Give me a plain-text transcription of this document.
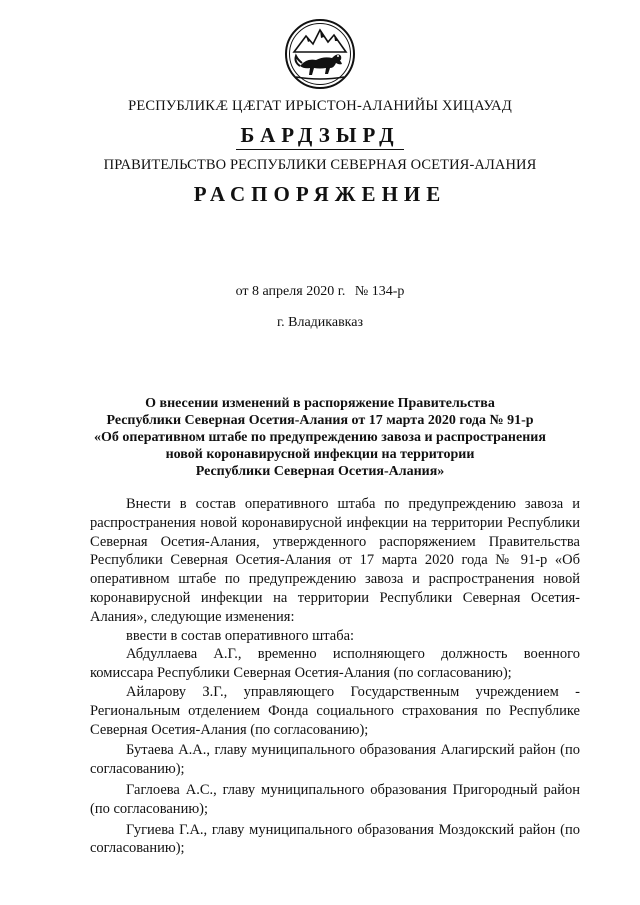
РЕСПУБЛИКӔ ЦӔГАТ ИРЫСТОН-АЛАНИЙЫ ХИЦАУАД
БАРДЗЫРД
ПРАВИТЕЛЬСТВО РЕСПУБЛИКИ СЕВЕРНАЯ ОСЕТИЯ-АЛАНИЯ
РАСПОРЯЖЕНИЕ
от 8 апреля 2020 г. № 134-р
г. Владикавказ
О внесении изменений в распоряжение Правительства
Республики Северная Осетия-Алания от 17 марта 2020 года № 91-р
«Об оперативном штабе по предупреждению завоза и распространения
новой коронавирусной инфекции на территории
Республики Северная Осетия-Алания»

Внести в состав оперативного штаба по предупреждению завоза и распространения новой коронавирусной инфекции на территории Республики Северная Осетия-Алания, утвержденного распоряжением Правительства Республики Северная Осетия-Алания от 17 марта 2020 года № 91-р «Об оперативном штабе по предупреждению завоза и распространения новой коронавирусной инфекции на территории Республики Северная Осетия-Алания», следующие изменения:

ввести в состав оперативного штаба:

Абдуллаева А.Г., временно исполняющего должность военного комиссара Республики Северная Осетия-Алания (по согласованию);

Айларову З.Г., управляющего Государственным учреждением - Региональным отделением Фонда социального страхования по Республике Северная Осетия-Алания (по согласованию);

Бутаева А.А., главу муниципального образования Алагирский район (по согласованию);

Гаглоева А.С., главу муниципального образования Пригородный район (по согласованию);

Гугиева Г.А., главу муниципального образования Моздокский район (по согласованию);
